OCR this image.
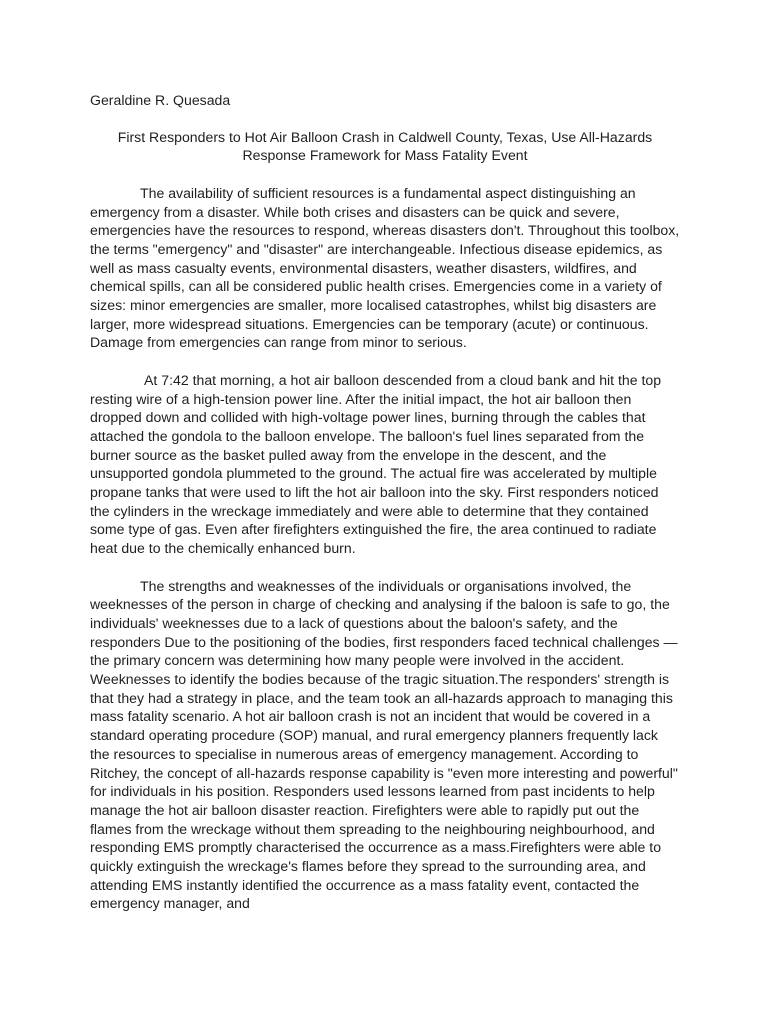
Geraldine R. Quesada

First Responders to Hot Air Balloon Crash in Caldwell County, Texas, Use All-Hazards
Response Framework for Mass Fatality Event

The availability of sufficient resources is a fundamental aspect distinguishing an emergency from a disaster. While both crises and disasters can be quick and severe, emergencies have the resources to respond, whereas disasters don't. Throughout this toolbox, the terms "emergency" and "disaster" are interchangeable. Infectious disease epidemics, as well as mass casualty events, environmental disasters, weather disasters, wildfires, and chemical spills, can all be considered public health crises. Emergencies come in a variety of sizes: minor emergencies are smaller, more localised catastrophes, whilst big disasters are larger, more widespread situations. Emergencies can be temporary (acute) or continuous. Damage from emergencies can range from minor to serious.

At 7:42 that morning, a hot air balloon descended from a cloud bank and hit the top resting wire of a high-tension power line. After the initial impact, the hot air balloon then dropped down and collided with high-voltage power lines, burning through the cables that attached the gondola to the balloon envelope. The balloon's fuel lines separated from the burner source as the basket pulled away from the envelope in the descent, and the unsupported gondola plummeted to the ground. The actual fire was accelerated by multiple propane tanks that were used to lift the hot air balloon into the sky. First responders noticed the cylinders in the wreckage immediately and were able to determine that they contained some type of gas. Even after firefighters extinguished the fire, the area continued to radiate heat due to the chemically enhanced burn.

The strengths and weaknesses of the individuals or organisations involved, the weeknesses of the person in charge of checking and analysing if the baloon is safe to go, the individuals' weeknesses due to a lack of questions about the baloon's safety, and the responders Due to the positioning of the bodies, first responders faced technical challenges — the primary concern was determining how many people were involved in the accident. Weeknesses to identify the bodies because of the tragic situation.The responders' strength is that they had a strategy in place, and the team took an all-hazards approach to managing this mass fatality scenario. A hot air balloon crash is not an incident that would be covered in a standard operating procedure (SOP) manual, and rural emergency planners frequently lack the resources to specialise in numerous areas of emergency management. According to Ritchey, the concept of all-hazards response capability is "even more interesting and powerful" for individuals in his position. Responders used lessons learned from past incidents to help manage the hot air balloon disaster reaction. Firefighters were able to rapidly put out the flames from the wreckage without them spreading to the neighbouring neighbourhood, and responding EMS promptly characterised the occurrence as a mass.Firefighters were able to quickly extinguish the wreckage's flames before they spread to the surrounding area, and attending EMS instantly identified the occurrence as a mass fatality event, contacted the emergency manager, and
